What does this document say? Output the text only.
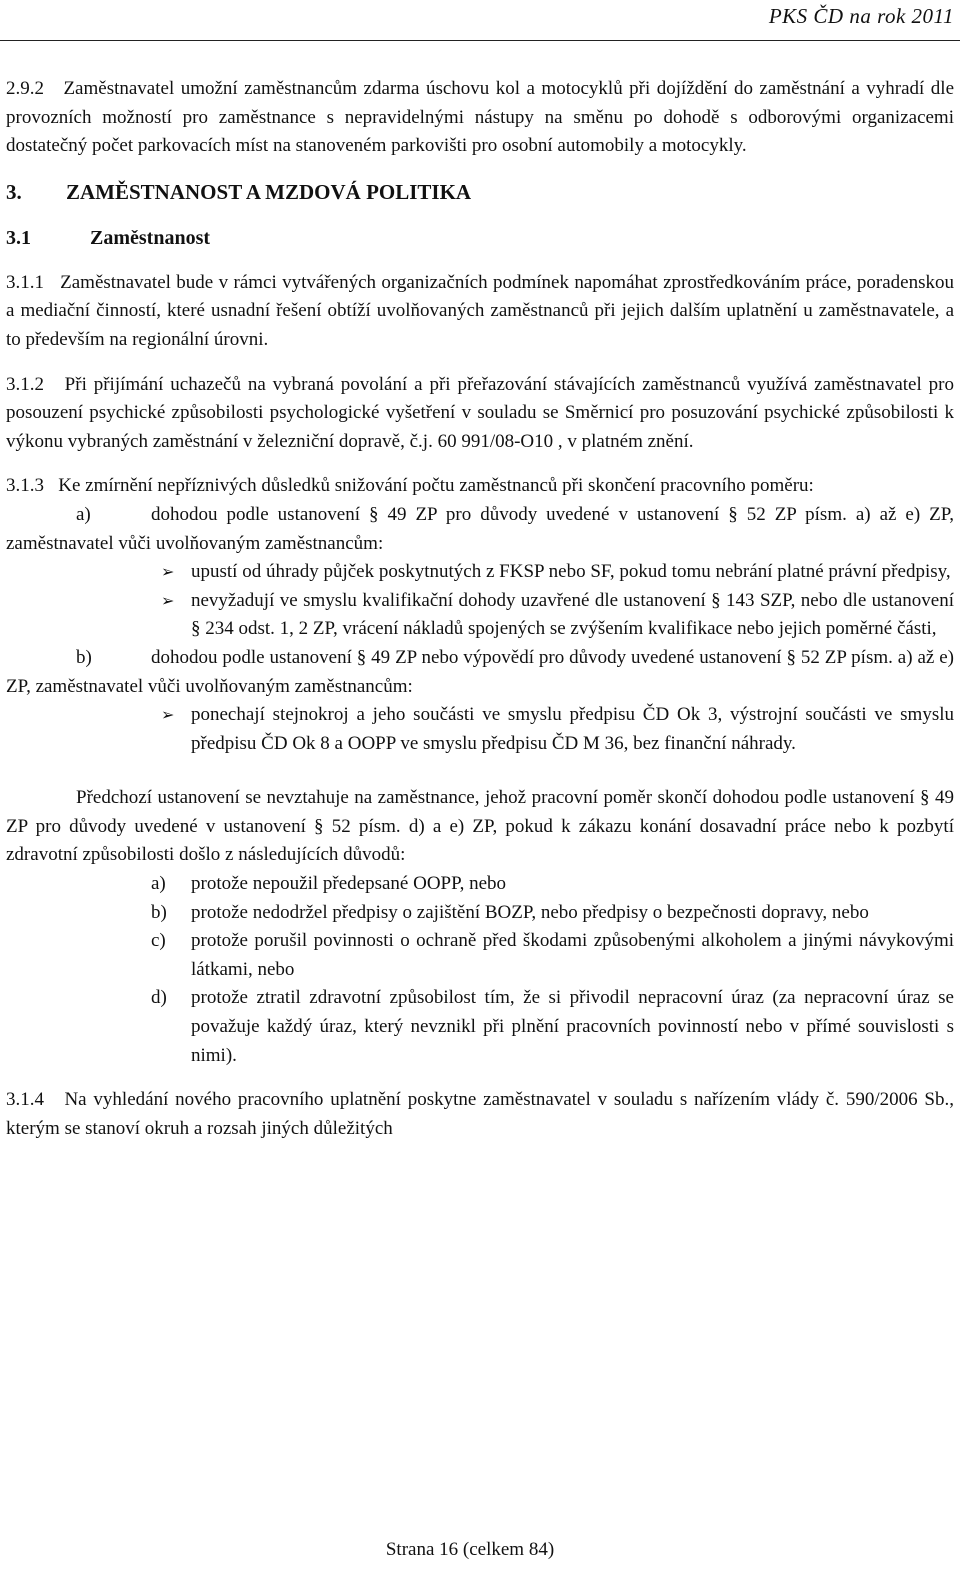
PKS ČD na rok 2011

2.9.2 Zaměstnavatel umožní zaměstnancům zdarma úschovu kol a motocyklů při dojíždění do zaměstnání a vyhradí dle provozních možností pro zaměstnance s nepravidelnými nástupy na směnu po dohodě s odborovými organizacemi dostatečný počet parkovacích míst na stanoveném parkovišti pro osobní automobily a motocykly.

3. ZAMĚSTNANOST A MZDOVÁ POLITIKA
3.1	Zaměstnanost

3.1.1 Zaměstnavatel bude v rámci vytvářených organizačních podmínek napomáhat zprostředkováním práce, poradenskou a mediační činností, které usnadní řešení obtíží uvolňovaných zaměstnanců při jejich dalším uplatnění u zaměstnavatele, a to především na regionální úrovni.

3.1.2 Při přijímání uchazečů na vybraná povolání a při přeřazování stávajících zaměstnanců využívá zaměstnavatel pro posouzení psychické způsobilosti psychologické vyšetření v souladu se Směrnicí pro posuzování psychické způsobilosti k výkonu vybraných zaměstnání v železniční dopravě, č.j. 60 991/08-O10 , v platném znění.

3.1.3 Ke zmírnění nepříznivých důsledků snižování počtu zaměstnanců při skončení pracovního poměru:

a)	dohodou podle ustanovení § 49 ZP pro důvody uvedené v ustanovení § 52 ZP písm. a) až e) ZP, zaměstnavatel vůči uvolňovaným zaměstnancům:

➢ upustí od úhrady půjček poskytnutých z FKSP nebo SF, pokud tomu nebrání platné právní předpisy,
➢ nevyžadují ve smyslu kvalifikační dohody uzavřené dle ustanovení § 143 SZP, nebo dle ustanovení § 234 odst. 1, 2 ZP, vrácení nákladů spojených se zvýšením kvalifikace nebo jejich poměrné části,

b)	dohodou podle ustanovení § 49 ZP nebo výpovědí pro důvody uvedené ustanovení § 52 ZP písm. a) až e) ZP, zaměstnavatel vůči uvolňovaným zaměstnancům:

➢ ponechají stejnokroj a jeho součásti ve smyslu předpisu ČD Ok 3, výstrojní součásti ve smyslu předpisu ČD Ok 8 a OOPP ve smyslu předpisu ČD M 36, bez finanční náhrady.

Předchozí ustanovení se nevztahuje na zaměstnance, jehož pracovní poměr skončí dohodou podle ustanovení § 49 ZP pro důvody uvedené v ustanovení § 52 písm. d) a e) ZP, pokud k zákazu konání dosavadní práce nebo k pozbytí zdravotní způsobilosti došlo z následujících důvodů:

a)	protože nepoužil předepsané OOPP, nebo
b)	protože nedodržel předpisy o zajištění BOZP, nebo předpisy o bezpečnosti dopravy, nebo
c)	protože porušil povinnosti o ochraně před škodami způsobenými alkoholem a jinými návykovými látkami, nebo
d)	protože ztratil zdravotní způsobilost tím, že si přivodil nepracovní úraz (za nepracovní úraz se považuje každý úraz, který nevznikl při plnění pracovních povinností nebo v přímé souvislosti s nimi).

3.1.4 Na vyhledání nového pracovního uplatnění poskytne zaměstnavatel v souladu s nařízením vlády č. 590/2006 Sb., kterým se stanoví okruh a rozsah jiných důležitých

Strana 16 (celkem 84)
